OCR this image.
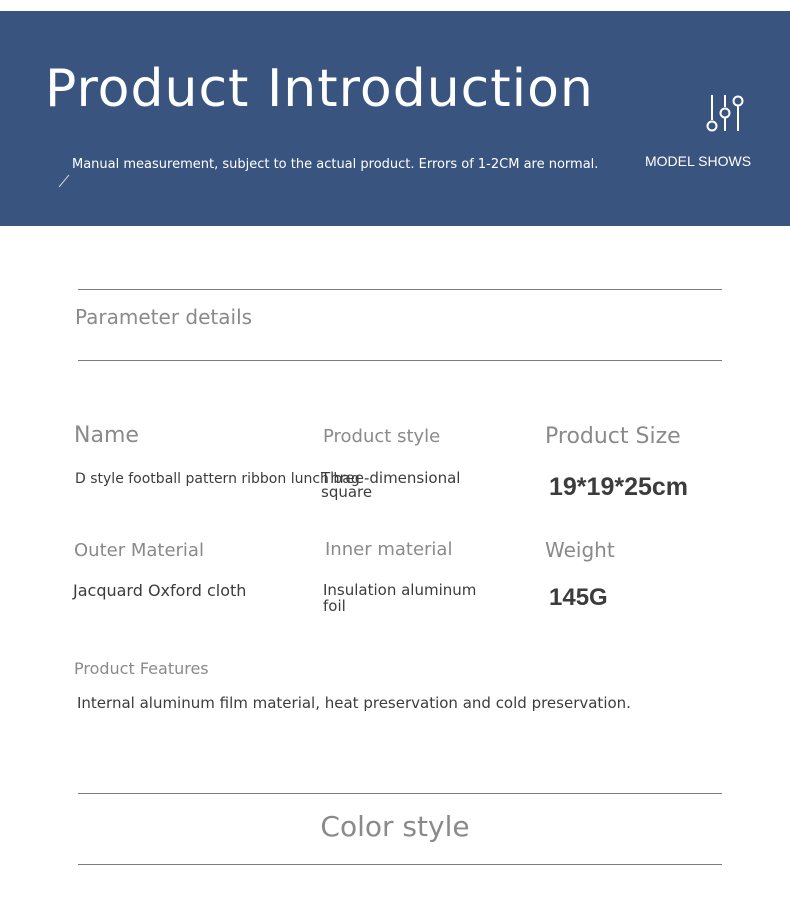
Product Introduction
Manual measurement, subject to the actual product. Errors of 1-2CM are normal.	MODEL SHOWS
Parameter details
Name
D style football pattern ribbon lunch bag
Product style
Three-dimensional square
Product Size
19*19*25cm
Outer Material
Jacquard Oxford cloth
Inner material
Insulation aluminum foil
Weight
145G
Product Features
Internal aluminum film material, heat preservation and cold preservation.
Color style
